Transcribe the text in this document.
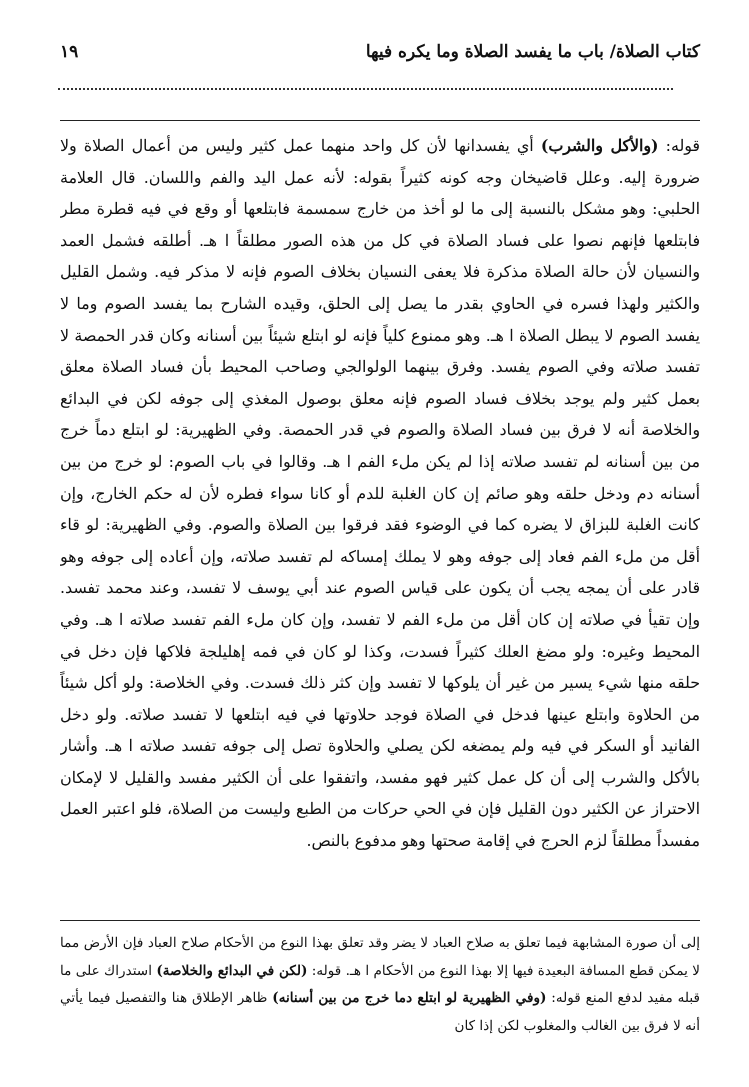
كتاب الصلاة/ باب ما يفسد الصلاة وما يكره فيها
١٩
قوله: (والأكل والشرب) أي يفسدانها لأن كل واحد منهما عمل كثير وليس من أعمال الصلاة ولا ضرورة إليه. وعلل قاضيخان وجه كونه كثيراً بقوله: لأنه عمل اليد والفم واللسان. قال العلامة الحلبي: وهو مشكل بالنسبة إلى ما لو أخذ من خارج سمسمة فابتلعها أو وقع في فيه قطرة مطر فابتلعها فإنهم نصوا على فساد الصلاة في كل من هذه الصور مطلقاً ا هـ. أطلقه فشمل العمد والنسيان لأن حالة الصلاة مذكرة فلا يعفى النسيان بخلاف الصوم فإنه لا مذكر فيه. وشمل القليل والكثير ولهذا فسره في الحاوي بقدر ما يصل إلى الحلق، وقيده الشارح بما يفسد الصوم وما لا يفسد الصوم لا يبطل الصلاة ا هـ. وهو ممنوع كلياً فإنه لو ابتلع شيئاً بين أسنانه وكان قدر الحمصة لا تفسد صلاته وفي الصوم يفسد. وفرق بينهما الولوالجي وصاحب المحيط بأن فساد الصلاة معلق بعمل كثير ولم يوجد بخلاف فساد الصوم فإنه معلق بوصول المغذي إلى جوفه لكن في البدائع والخلاصة أنه لا فرق بين فساد الصلاة والصوم في قدر الحمصة. وفي الظهيرية: لو ابتلع دماً خرج من بين أسنانه لم تفسد صلاته إذا لم يكن ملء الفم ا هـ. وقالوا في باب الصوم: لو خرج من بين أسنانه دم ودخل حلقه وهو صائم إن كان الغلبة للدم أو كانا سواء فطره لأن له حكم الخارج، وإن كانت الغلبة للبزاق لا يضره كما في الوضوء فقد فرقوا بين الصلاة والصوم. وفي الظهيرية: لو قاء أقل من ملء الفم فعاد إلى جوفه وهو لا يملك إمساكه لم تفسد صلاته، وإن أعاده إلى جوفه وهو قادر على أن يمجه يجب أن يكون على قياس الصوم عند أبي يوسف لا تفسد، وعند محمد تفسد. وإن تقيأ في صلاته إن كان أقل من ملء الفم لا تفسد، وإن كان ملء الفم تفسد صلاته ا هـ. وفي المحيط وغيره: ولو مضغ العلك كثيراً فسدت، وكذا لو كان في فمه إهليلجة فلاكها فإن دخل في حلقه منها شيء يسير من غير أن يلوكها لا تفسد وإن كثر ذلك فسدت. وفي الخلاصة: ولو أكل شيئاً من الحلاوة وابتلع عينها فدخل في الصلاة فوجد حلاوتها في فيه ابتلعها لا تفسد صلاته. ولو دخل الفانيد أو السكر في فيه ولم يمضغه لكن يصلي والحلاوة تصل إلى جوفه تفسد صلاته ا هـ. وأشار بالأكل والشرب إلى أن كل عمل كثير فهو مفسد، واتفقوا على أن الكثير مفسد والقليل لا لإمكان الاحتراز عن الكثير دون القليل فإن في الحي حركات من الطبع وليست من الصلاة، فلو اعتبر العمل مفسداً مطلقاً لزم الحرج في إقامة صحتها وهو مدفوع بالنص.
إلى أن صورة المشابهة فيما تعلق به صلاح العباد لا يضر وقد تعلق بهذا النوع من الأحكام صلاح العباد فإن الأرض مما لا يمكن قطع المسافة البعيدة فيها إلا بهذا النوع من الأحكام ا هـ. قوله: (لكن في البدائع والخلاصة) استدراك على ما قبله مفيد لدفع المنع قوله: (وفي الظهيرية لو ابتلع دما خرج من بين أسنانه) ظاهر الإطلاق هنا والتفصيل فيما يأتي أنه لا فرق بين الغالب والمغلوب لكن إذا كان
